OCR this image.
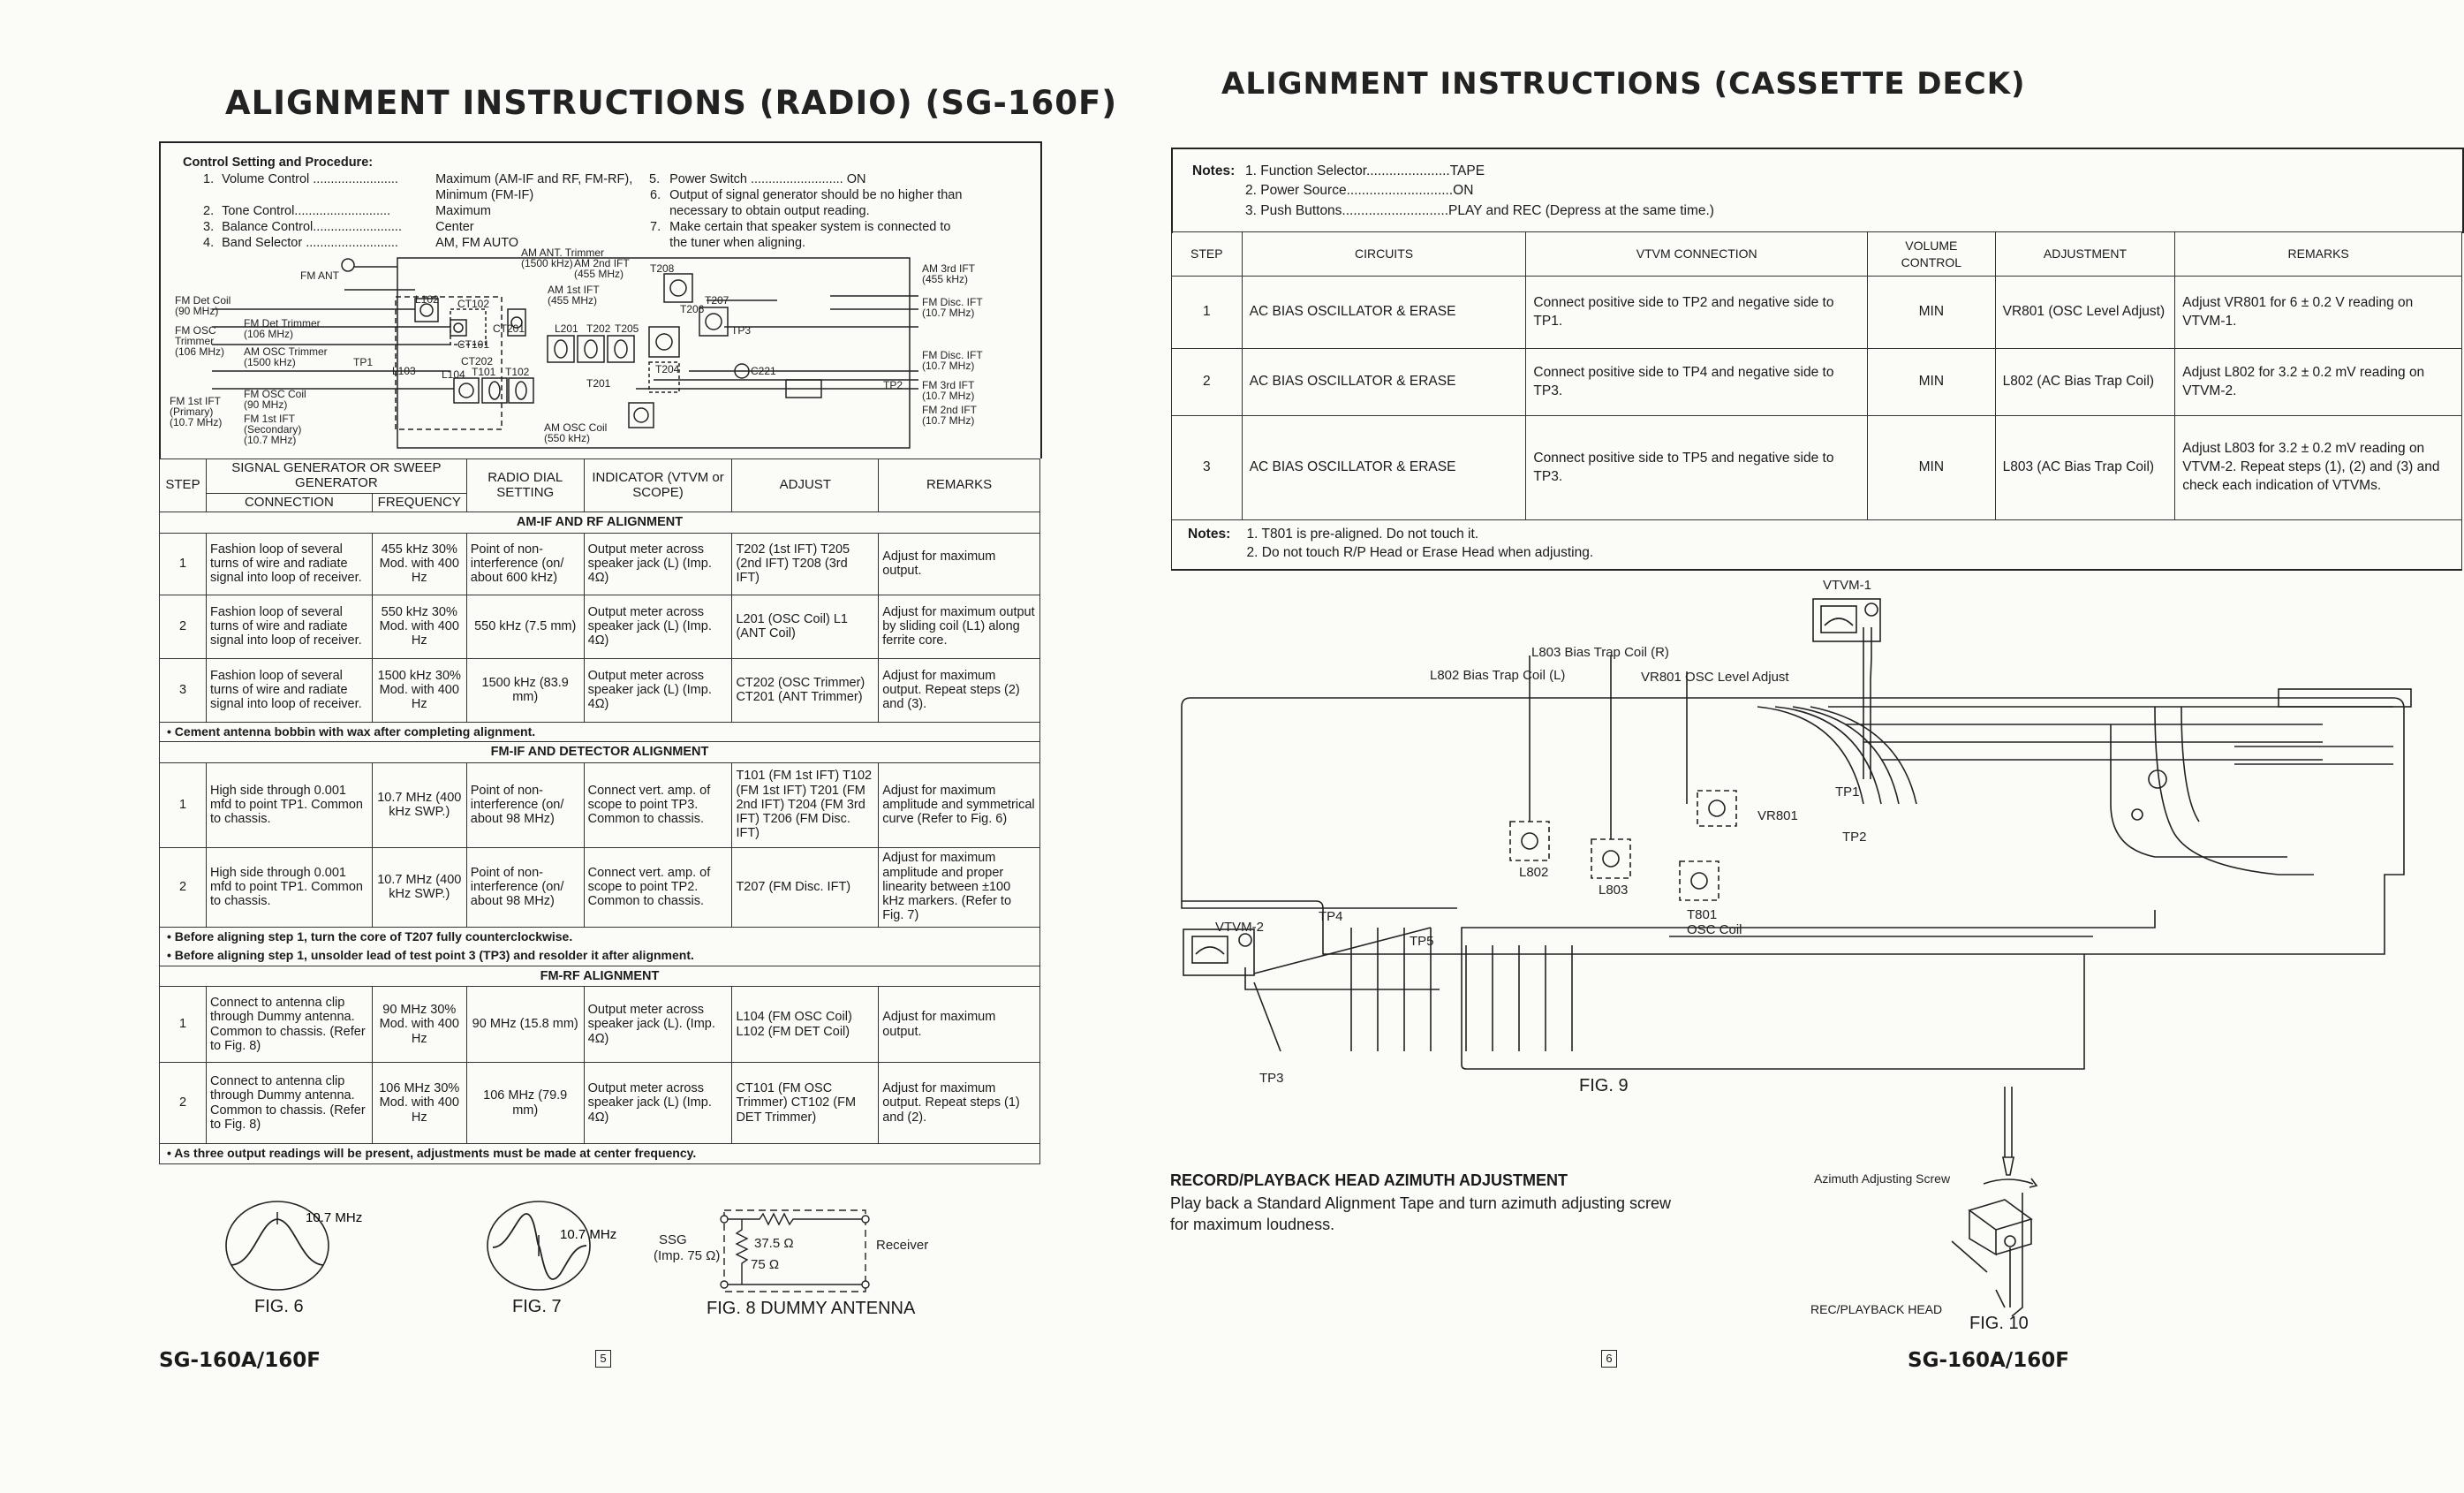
ALIGNMENT INSTRUCTIONS (RADIO) (SG-160F)
Control Setting and Procedure:
1.	Volume Control ........................	Maximum (AM-IF and RF, FM-RF),
		Minimum (FM-IF)
2.	Tone Control...........................	Maximum
3.	Balance Control.........................	Center
4.	Band Selector ..........................	AM, FM AUTO
5.	Power Switch .......................... ON
6.	Output of signal generator should be no higher than
	necessary to obtain output reading.
7.	Make certain that speaker system is connected to
	the tuner when aligning.
FM ANT
AM ANT. Trimmer
(1500 kHz) AM 2nd IFT
(455 MHz)
AM 1st IFT
(455 MHz)
AM 3rd IFT
(455 kHz)
FM Disc. IFT
(10.7 MHz)
FM Disc. IFT
(10.7 MHz)
FM 3rd IFT
(10.7 MHz)
FM 2nd IFT
(10.7 MHz)
FM Det Coil
(90 MHz)
FM Det Trimmer
(106 MHz)
FM OSC
Trimmer
(106 MHz) AM OSC Trimmer
(1500 kHz)
FM OSC Coil
(90 MHz)
FM 1st IFT
(Primary)
(10.7 MHz) FM 1st IFT
(Secondary)
(10.7 MHz)
AM OSC Coil
(550 kHz)
L102 CT102
CT201
CT101
CT202
L103 L104 T101 T102
L201 T202 T205
T206
T207
T208
TP1
TP2
TP3
T204
T201
C221
STEP	SIGNAL GENERATOR OR SWEEP GENERATOR		RADIO DIAL SETTING	INDICATOR (VTVM or SCOPE)	ADJUST	REMARKS
	CONNECTION	FREQUENCY				
AM-IF AND RF ALIGNMENT						
1	Fashion loop of several turns of wire and radiate signal into loop of receiver.	455 kHz 30% Mod. with 400 Hz	Point of non-interference (on/ about 600 kHz)	Output meter across speaker jack (L) (Imp. 4Ω)	T202 (1st IFT) T205 (2nd IFT) T208 (3rd IFT)	Adjust for maximum output.
2	Fashion loop of several turns of wire and radiate signal into loop of receiver.	550 kHz 30% Mod. with 400 Hz	550 kHz (7.5 mm)	Output meter across speaker jack (L) (Imp. 4Ω)	L201 (OSC Coil) L1 (ANT Coil)	Adjust for maximum output by sliding coil (L1) along ferrite core.
3	Fashion loop of several turns of wire and radiate signal into loop of receiver.	1500 kHz 30% Mod. with 400 Hz	1500 kHz (83.9 mm)	Output meter across speaker jack (L) (Imp. 4Ω)	CT202 (OSC Trimmer) CT201 (ANT Trimmer)	Adjust for maximum output. Repeat steps (2) and (3).
• Cement antenna bobbin with wax after completing alignment.						
FM-IF AND DETECTOR ALIGNMENT						
1	High side through 0.001 mfd to point TP1. Common to chassis.	10.7 MHz (400 kHz SWP.)	Point of non-interference (on/ about 98 MHz)	Connect vert. amp. of scope to point TP3. Common to chassis.	T101 (FM 1st IFT) T102 (FM 1st IFT) T201 (FM 2nd IFT) T204 (FM 3rd IFT) T206 (FM Disc. IFT)	Adjust for maximum amplitude and symmetrical curve (Refer to Fig. 6)
2	High side through 0.001 mfd to point TP1. Common to chassis.	10.7 MHz (400 kHz SWP.)	Point of non-interference (on/ about 98 MHz)	Connect vert. amp. of scope to point TP2. Common to chassis.	T207 (FM Disc. IFT)	Adjust for maximum amplitude and proper linearity between ±100 kHz markers. (Refer to Fig. 7)
• Before aligning step 1, turn the core of T207 fully counterclockwise.						
• Before aligning step 1, unsolder lead of test point 3 (TP3) and resolder it after alignment.						
FM-RF ALIGNMENT						
1	Connect to antenna clip through Dummy antenna. Common to chassis. (Refer to Fig. 8)	90 MHz 30% Mod. with 400 Hz	90 MHz (15.8 mm)	Output meter across speaker jack (L). (Imp. 4Ω)	L104 (FM OSC Coil) L102 (FM DET Coil)	Adjust for maximum output.
2	Connect to antenna clip through Dummy antenna. Common to chassis. (Refer to Fig. 8)	106 MHz 30% Mod. with 400 Hz	106 MHz (79.9 mm)	Output meter across speaker jack (L) (Imp. 4Ω)	CT101 (FM OSC Trimmer) CT102 (FM DET Trimmer)	Adjust for maximum output. Repeat steps (1) and (2).
• As three output readings will be present, adjustments must be made at center frequency.						
10.7 MHz
FIG. 6
10.7 MHz
FIG. 7
SSG
(Imp. 75 Ω)
37.5 Ω
75 Ω
Receiver
FIG. 8 DUMMY ANTENNA
SG-160A/160F	5
ALIGNMENT INSTRUCTIONS (CASSETTE DECK)
Notes: 1. Function Selector......................TAPE
2. Power Source............................ON
3. Push Buttons............................PLAY and REC (Depress at the same time.)
STEP	CIRCUITS	VTVM CONNECTION	VOLUME CONTROL	ADJUSTMENT	REMARKS
1	AC BIAS OSCILLATOR & ERASE	Connect positive side to TP2 and negative side to TP1.	MIN	VR801 (OSC Level Adjust)	Adjust VR801 for 6 ± 0.2 V reading on VTVM-1.
2	AC BIAS OSCILLATOR & ERASE	Connect positive side to TP4 and negative side to TP3.	MIN	L802 (AC Bias Trap Coil)	Adjust L802 for 3.2 ± 0.2 mV reading on VTVM-2.
3	AC BIAS OSCILLATOR & ERASE	Connect positive side to TP5 and negative side to TP3.	MIN	L803 (AC Bias Trap Coil)	Adjust L803 for 3.2 ± 0.2 mV reading on VTVM-2. Repeat steps (1), (2) and (3) and check each indication of VTVMs.
Notes: 1. T801 is pre-aligned. Do not touch it.
2. Do not touch R/P Head or Erase Head when adjusting.					
VTVM-1
L803 Bias Trap Coil (R)
L802 Bias Trap Coil (L)	VR801 OSC Level Adjust
VR801
TP1
TP2
TP3
TP4
TP5
L802
L803
T801
OSC Coil
VTVM-2
FIG. 9
RECORD/PLAYBACK HEAD AZIMUTH ADJUSTMENT
Play back a Standard Alignment Tape and turn azimuth adjusting screw
for maximum loudness.
Azimuth Adjusting Screw
REC/PLAYBACK HEAD
FIG. 10
6	SG-160A/160F
